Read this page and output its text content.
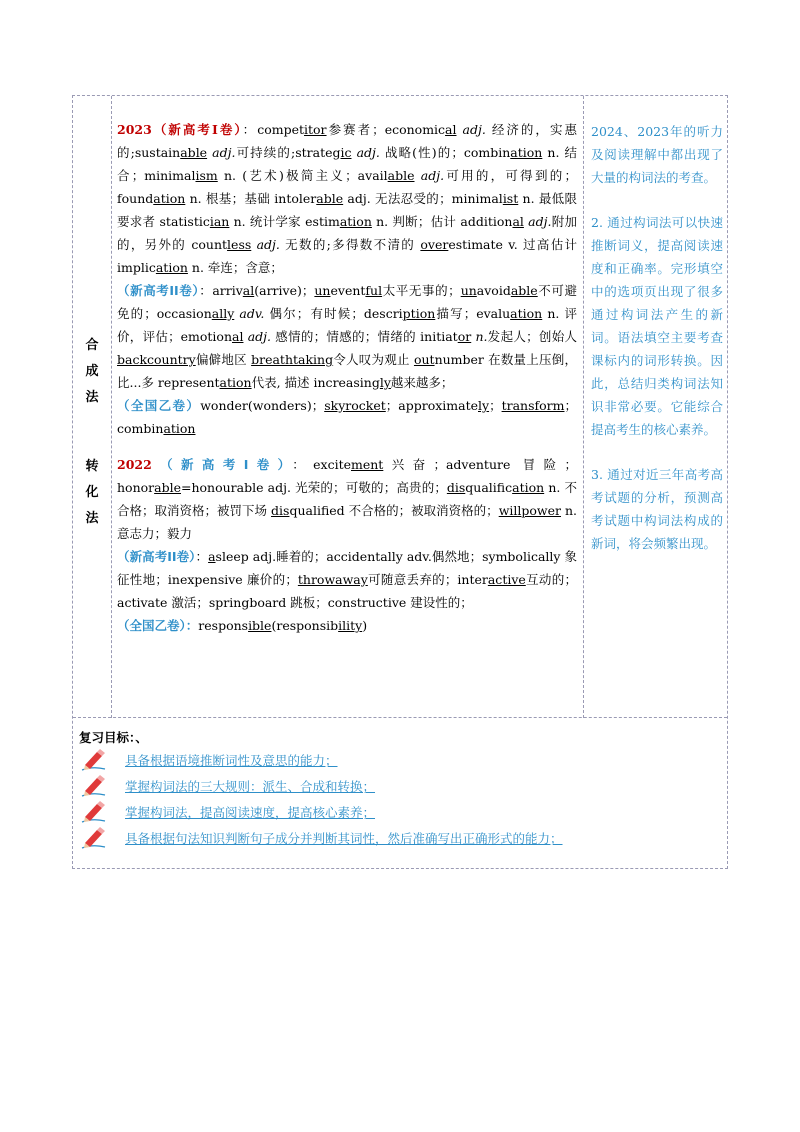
合
成
法
转
化
法

2023（新高考I卷）：competitor参赛者；economical adj. 经济的，实惠的;sustainable adj.可持续的;strategic adj. 战略(性)的；combination n. 结合；minimalism n. (艺术)极简主义；available adj.可用的，可得到的；foundation n. 根基；基础 intolerable adj. 无法忍受的；minimalist n. 最低限要求者 statistician n. 统计学家 estimation n. 判断；估计 additional adj.附加的，另外的 countless adj. 无数的;多得数不清的 overestimate v. 过高估计 implication n. 牵连；含意；

（新高考II卷）：arrival(arrive)；uneventful太平无事的；unavoidable不可避免的；occasionally adv. 偶尔；有时候；description描写；evaluation n. 评价，评估；emotional adj. 感情的；情感的；情绪的 initiator n.发起人；创始人 backcountry偏僻地区 breathtaking令人叹为观止 outnumber 在数量上压倒，比...多 representation代表, 描述 increasingly越来越多；

（全国乙卷）wonder(wonders)；skyrocket；approximately；transform；combination

2022（新高考I卷）：excitement兴奋；adventure 冒险；honorable=honourable adj. 光荣的；可敬的；高贵的；disqualification n. 不合格；取消资格；被罚下场 disqualified 不合格的；被取消资格的；willpower n. 意志力；毅力

（新高考II卷）：asleep adj.睡着的；accidentally adv.偶然地；symbolically 象征性地；inexpensive 廉价的；throwaway可随意丢弃的；interactive互动的；activate 激活；springboard 跳板；constructive 建设性的；

（全国乙卷）：responsible(responsibility)

2024、2023年的听力及阅读理解中都出现了大量的构词法的考查。

2. 通过构词法可以快速推断词义，提高阅读速度和正确率。完形填空中的选项页出现了很多通过构词法产生的新词。语法填空主要考查课标内的词形转换。因此，总结归类构词法知识非常必要。它能综合提高考生的核心素养。

3. 通过对近三年高考高考试题的分析，预测高考试题中构词法构成的新词，将会频繁出现。

复习目标：、
具备根据语境推断词性及意思的能力；
掌握构词法的三大规则：派生、合成和转换；
掌握构词法，提高阅读速度，提高核心素养；
具备根据句法知识判断句子成分并判断其词性，然后准确写出正确形式的能力；
